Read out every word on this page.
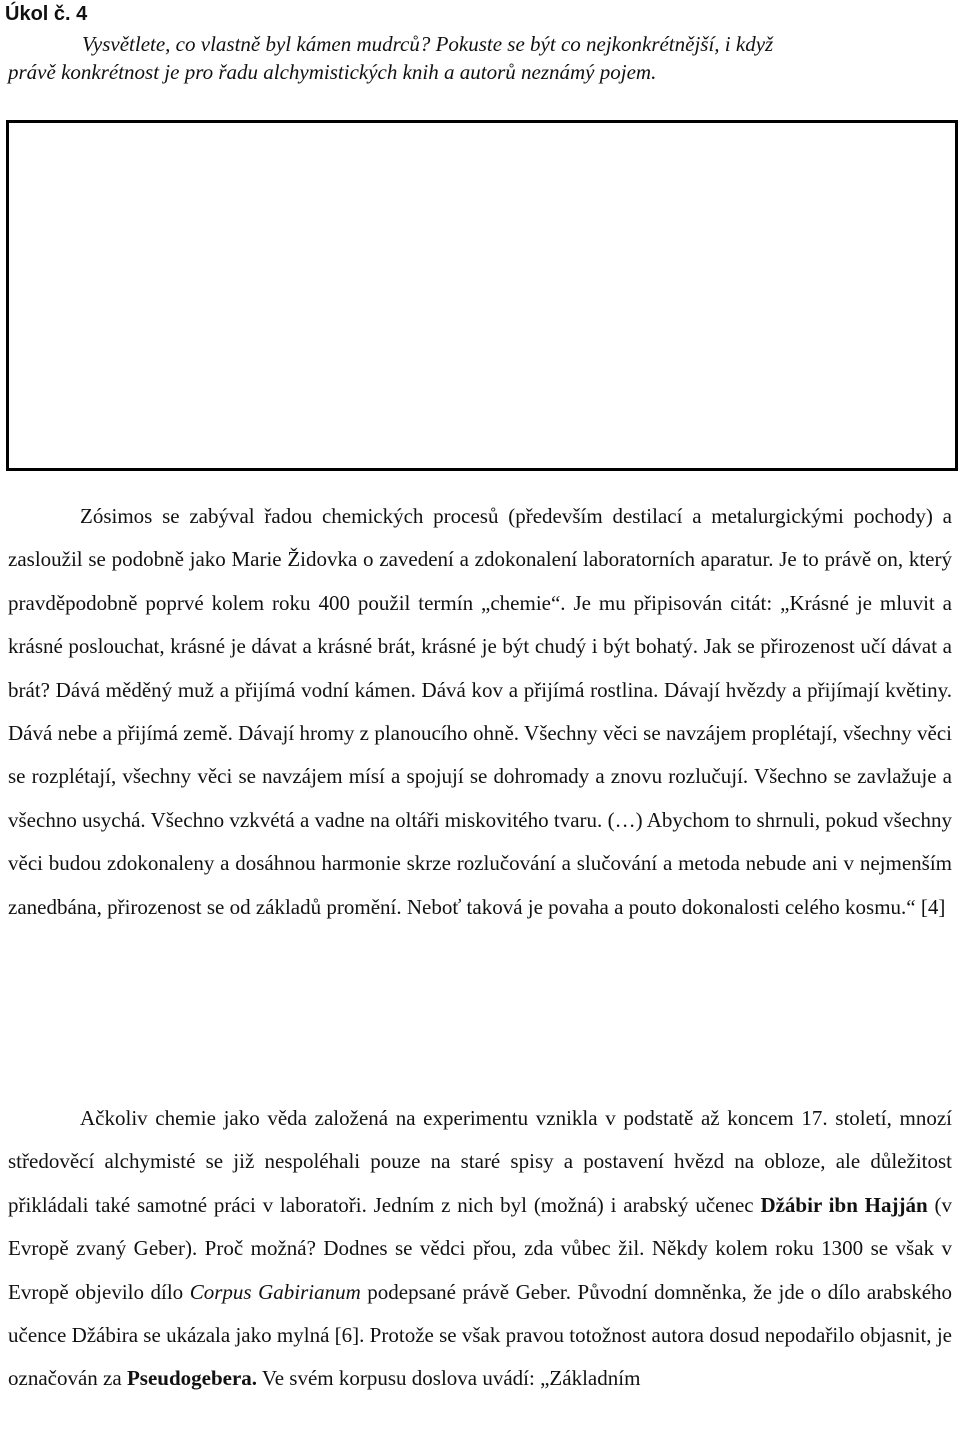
Úkol č. 4

Vysvětlete, co vlastně byl kámen mudrců? Pokuste se být co nejkonkrétnější, i když
právě konkrétnost je pro řadu alchymistických knih a autorů neznámý pojem.

Zósimos se zabýval řadou chemických procesů (především destilací a metalurgickými pochody) a zasloužil se podobně jako Marie Židovka o zavedení a zdokonalení laboratorních aparatur. Je to právě on, který pravděpodobně poprvé kolem roku 400 použil termín „chemie“. Je mu připisován citát: „Krásné je mluvit a krásné poslouchat, krásné je dávat a krásné brát, krásné je být chudý i být bohatý. Jak se přirozenost učí dávat a brát? Dává měděný muž a přijímá vodní kámen. Dává kov a přijímá rostlina. Dávají hvězdy a přijímají květiny. Dává nebe a přijímá země. Dávají hromy z planoucího ohně. Všechny věci se navzájem proplétají, všechny věci se rozplétají, všechny věci se navzájem mísí a spojují se dohromady a znovu rozlučují. Všechno se zavlažuje a všechno usychá. Všechno vzkvétá a vadne na oltáři miskovitého tvaru. (…) Abychom to shrnuli, pokud všechny věci budou zdokonaleny a dosáhnou harmonie skrze rozlučování a slučování a metoda nebude ani v nejmenším zanedbána, přirozenost se od základů promění. Neboť taková je povaha a pouto dokonalosti celého kosmu.“ [4]

Ačkoliv chemie jako věda založená na experimentu vznikla v podstatě až koncem 17. století, mnozí středověcí alchymisté se již nespoléhali pouze na staré spisy a postavení hvězd na obloze, ale důležitost přikládali také samotné práci v laboratoři. Jedním z nich byl (možná) i arabský učenec Džábir ibn Hajján (v Evropě zvaný Geber). Proč možná? Dodnes se vědci přou, zda vůbec žil. Někdy kolem roku 1300 se však v Evropě objevilo dílo Corpus Gabirianum podepsané právě Geber. Původní domněnka, že jde o dílo arabského učence Džábira se ukázala jako mylná [6]. Protože se však pravou totožnost autora dosud nepodařilo objasnit, je označován za Pseudogebera. Ve svém korpusu doslova uvádí: „Základním
